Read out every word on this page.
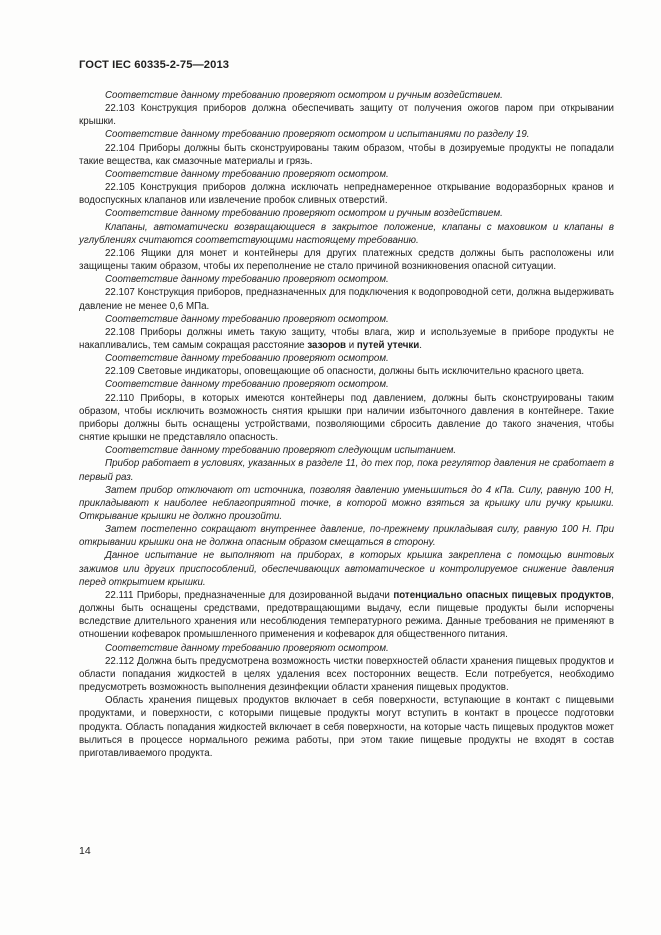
ГОСТ IEC 60335-2-75—2013

Соответствие данному требованию проверяют осмотром и ручным воздействием.

22.103 Конструкция приборов должна обеспечивать защиту от получения ожогов паром при открывании крышки.

Соответствие данному требованию проверяют осмотром и испытаниями по разделу 19.

22.104 Приборы должны быть сконструированы таким образом, чтобы в дозируемые продукты не попадали такие вещества, как смазочные материалы и грязь.

Соответствие данному требованию проверяют осмотром.

22.105 Конструкция приборов должна исключать непреднамеренное открывание водоразборных кранов и водоспускных клапанов или извлечение пробок сливных отверстий.

Соответствие данному требованию проверяют осмотром и ручным воздействием.

Клапаны, автоматически возвращающиеся в закрытое положение, клапаны с маховиком и клапаны в углублениях считаются соответствующими настоящему требованию.

22.106 Ящики для монет и контейнеры для других платежных средств должны быть расположены или защищены таким образом, чтобы их переполнение не стало причиной возникновения опасной ситуации.

Соответствие данному требованию проверяют осмотром.

22.107 Конструкция приборов, предназначенных для подключения к водопроводной сети, должна выдерживать давление не менее 0,6 МПа.

Соответствие данному требованию проверяют осмотром.

22.108 Приборы должны иметь такую защиту, чтобы влага, жир и используемые в приборе продукты не накапливались, тем самым сокращая расстояние зазоров и путей утечки.

Соответствие данному требованию проверяют осмотром.

22.109 Световые индикаторы, оповещающие об опасности, должны быть исключительно красного цвета.

Соответствие данному требованию проверяют осмотром.

22.110 Приборы, в которых имеются контейнеры под давлением, должны быть сконструированы таким образом, чтобы исключить возможность снятия крышки при наличии избыточного давления в контейнере. Такие приборы должны быть оснащены устройствами, позволяющими сбросить давление до такого значения, чтобы снятие крышки не представляло опасность.

Соответствие данному требованию проверяют следующим испытанием.

Прибор работает в условиях, указанных в разделе 11, до тех пор, пока регулятор давления не сработает в первый раз.

Затем прибор отключают от источника, позволяя давлению уменьшиться до 4 кПа. Силу, равную 100 Н, прикладывают к наиболее неблагоприятной точке, в которой можно взяться за крышку или ручку крышки. Открывание крышки не должно произойти.

Затем постепенно сокращают внутреннее давление, по-прежнему прикладывая силу, равную 100 Н. При открывании крышки она не должна опасным образом смещаться в сторону.

Данное испытание не выполняют на приборах, в которых крышка закреплена с помощью винтовых зажимов или других приспособлений, обеспечивающих автоматическое и контролируемое снижение давления перед открытием крышки.

22.111 Приборы, предназначенные для дозированной выдачи потенциально опасных пищевых продуктов, должны быть оснащены средствами, предотвращающими выдачу, если пищевые продукты были испорчены вследствие длительного хранения или несоблюдения температурного режима. Данные требования не применяют в отношении кофеварок промышленного применения и кофеварок для общественного питания.

Соответствие данному требованию проверяют осмотром.

22.112 Должна быть предусмотрена возможность чистки поверхностей области хранения пищевых продуктов и области попадания жидкостей в целях удаления всех посторонних веществ. Если потребуется, необходимо предусмотреть возможность выполнения дезинфекции области хранения пищевых продуктов.

Область хранения пищевых продуктов включает в себя поверхности, вступающие в контакт с пищевыми продуктами, и поверхности, с которыми пищевые продукты могут вступить в контакт в процессе подготовки продукта. Область попадания жидкостей включает в себя поверхности, на которые часть пищевых продуктов может вылиться в процессе нормального режима работы, при этом такие пищевые продукты не входят в состав приготавливаемого продукта.

14
